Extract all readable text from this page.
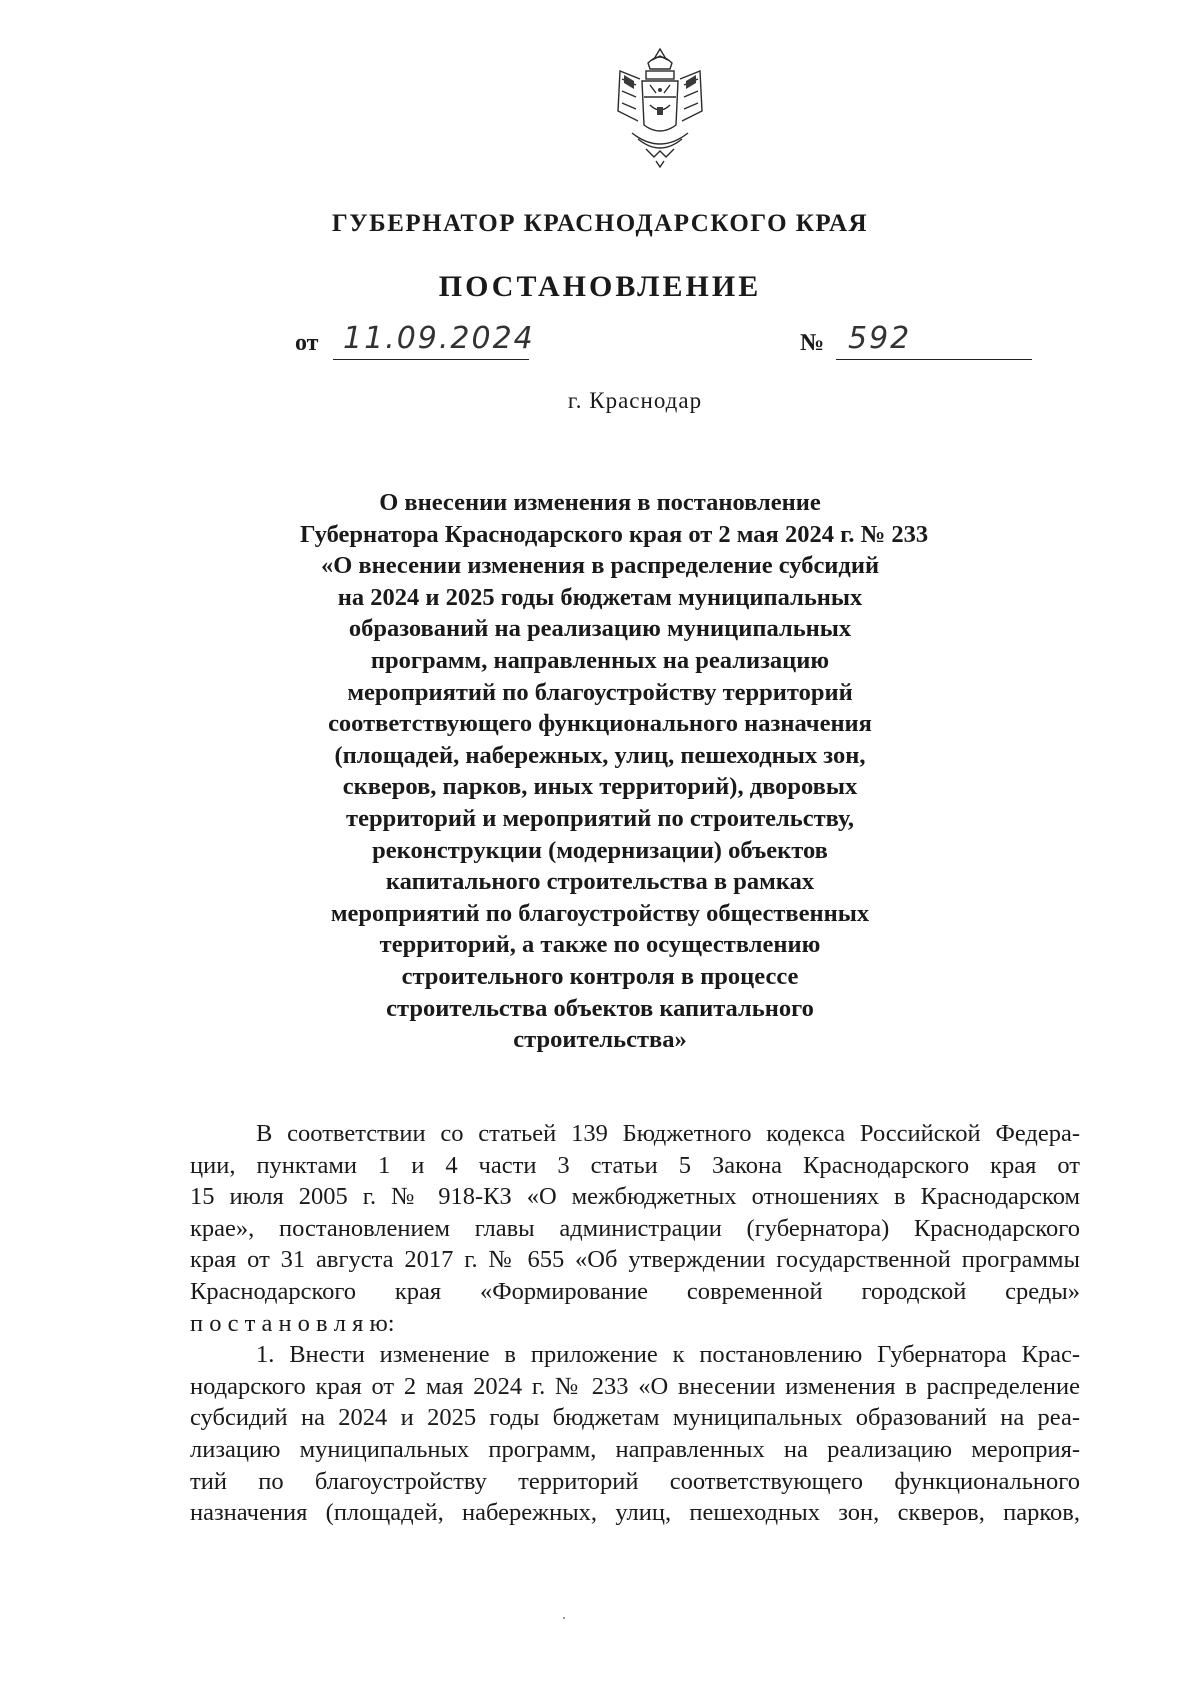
ГУБЕРНАТОР КРАСНОДАРСКОГО КРАЯ
ПОСТАНОВЛЕНИЕ
от 11.09.2024	№ 592
г. Краснодар
О внесении изменения в постановление
Губернатора Краснодарского края от 2 мая 2024 г. № 233
«О внесении изменения в распределение субсидий
на 2024 и 2025 годы бюджетам муниципальных
образований на реализацию муниципальных
программ, направленных на реализацию
мероприятий по благоустройству территорий
соответствующего функционального назначения
(площадей, набережных, улиц, пешеходных зон,
скверов, парков, иных территорий), дворовых
территорий и мероприятий по строительству,
реконструкции (модернизации) объектов
капитального строительства в рамках
мероприятий по благоустройству общественных
территорий, а также по осуществлению
строительного контроля в процессе
строительства объектов капитального
строительства»
В соответствии со статьей 139 Бюджетного кодекса Российской Федера-
ции, пунктами 1 и 4 части 3 статьи 5 Закона Краснодарского края от
15 июля 2005 г. № 918-КЗ «О межбюджетных отношениях в Краснодарском
крае», постановлением главы администрации (губернатора) Краснодарского
края от 31 августа 2017 г. № 655 «Об утверждении государственной программы
Краснодарского края «Формирование современной городской среды»
п о с т а н о в л я ю:
1. Внести изменение в приложение к постановлению Губернатора Крас-
нодарского края от 2 мая 2024 г. № 233 «О внесении изменения в распределение
субсидий на 2024 и 2025 годы бюджетам муниципальных образований на реа-
лизацию муниципальных программ, направленных на реализацию мероприя-
тий по благоустройству территорий соответствующего функционального
назначения (площадей, набережных, улиц, пешеходных зон, скверов, парков,
